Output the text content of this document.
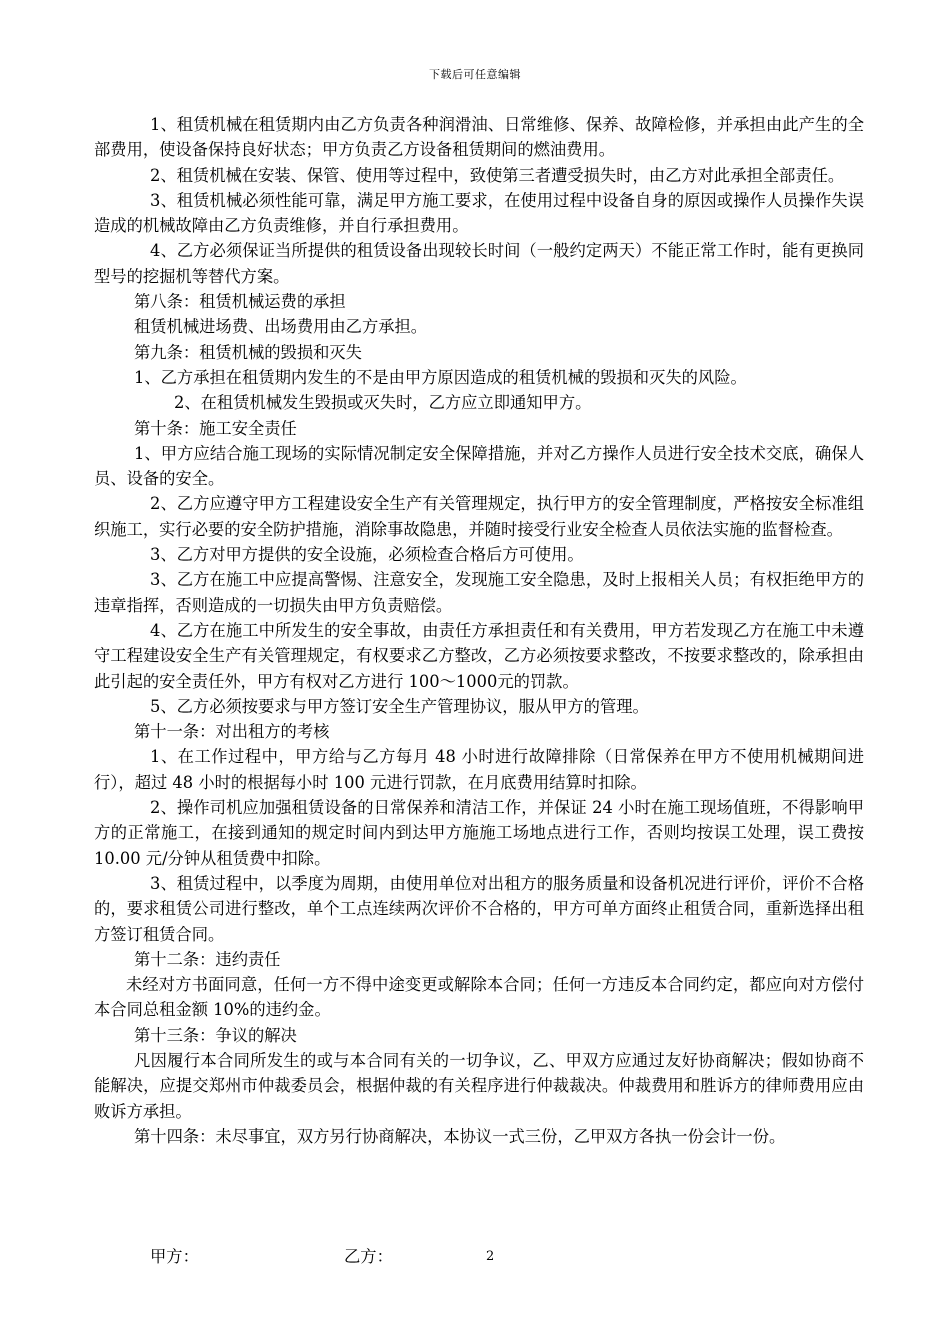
下载后可任意编辑

1、租赁机械在租赁期内由乙方负责各种润滑油、日常维修、保养、故障检修，并承担由此产生的全部费用，使设备保持良好状态；甲方负责乙方设备租赁期间的燃油费用。

2、租赁机械在安装、保管、使用等过程中，致使第三者遭受损失时，由乙方对此承担全部责任。

3、租赁机械必须性能可靠，满足甲方施工要求，在使用过程中设备自身的原因或操作人员操作失误造成的机械故障由乙方负责维修，并自行承担费用。

4、乙方必须保证当所提供的租赁设备出现较长时间（一般约定两天）不能正常工作时，能有更换同型号的挖掘机等替代方案。

第八条：租赁机械运费的承担

租赁机械进场费、出场费用由乙方承担。

第九条：租赁机械的毁损和灭失

1、乙方承担在租赁期内发生的不是由甲方原因造成的租赁机械的毁损和灭失的风险。

2、在租赁机械发生毁损或灭失时，乙方应立即通知甲方。

第十条：施工安全责任

1、甲方应结合施工现场的实际情况制定安全保障措施，并对乙方操作人员进行安全技术交底，确保人员、设备的安全。

2、乙方应遵守甲方工程建设安全生产有关管理规定，执行甲方的安全管理制度，严格按安全标准组织施工，实行必要的安全防护措施，消除事故隐患，并随时接受行业安全检查人员依法实施的监督检查。

3、乙方对甲方提供的安全设施，必须检查合格后方可使用。

3、乙方在施工中应提高警惕、注意安全，发现施工安全隐患，及时上报相关人员；有权拒绝甲方的违章指挥，否则造成的一切损失由甲方负责赔偿。

4、乙方在施工中所发生的安全事故，由责任方承担责任和有关费用，甲方若发现乙方在施工中未遵守工程建设安全生产有关管理规定，有权要求乙方整改，乙方必须按要求整改，不按要求整改的，除承担由此引起的安全责任外，甲方有权对乙方进行 100～1000元的罚款。

5、乙方必须按要求与甲方签订安全生产管理协议，服从甲方的管理。

第十一条：对出租方的考核

1、在工作过程中，甲方给与乙方每月 48 小时进行故障排除（日常保养在甲方不使用机械期间进行），超过 48 小时的根据每小时 100 元进行罚款，在月底费用结算时扣除。

2、操作司机应加强租赁设备的日常保养和清洁工作，并保证 24 小时在施工现场值班，不得影响甲方的正常施工，在接到通知的规定时间内到达甲方施施工场地点进行工作，否则均按误工处理，误工费按 10.00 元/分钟从租赁费中扣除。

3、租赁过程中，以季度为周期，由使用单位对出租方的服务质量和设备机况进行评价，评价不合格的，要求租赁公司进行整改，单个工点连续两次评价不合格的，甲方可单方面终止租赁合同，重新选择出租方签订租赁合同。

第十二条：违约责任

未经对方书面同意，任何一方不得中途变更或解除本合同；任何一方违反本合同约定，都应向对方偿付本合同总租金额 10%的违约金。

第十三条：争议的解决

凡因履行本合同所发生的或与本合同有关的一切争议，乙、甲双方应通过友好协商解决；假如协商不能解决，应提交郑州市仲裁委员会，根据仲裁的有关程序进行仲裁裁决。仲裁费用和胜诉方的律师费用应由败诉方承担。

第十四条：未尽事宜，双方另行协商解决，本协议一式三份，乙甲双方各执一份会计一份。

甲方：	乙方：	2
